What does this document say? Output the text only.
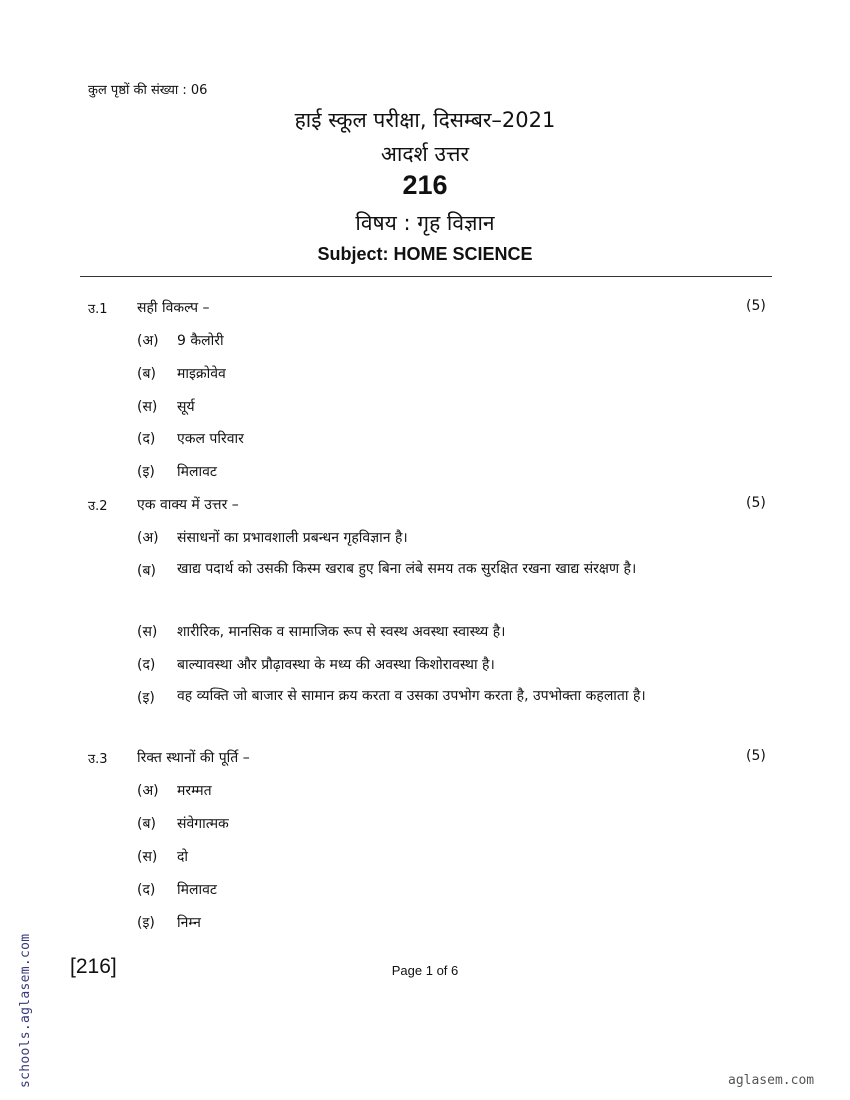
कुल पृष्ठों की संख्या : 06
हाई स्कूल परीक्षा, दिसम्बर–2021
आदर्श उत्तर
216
विषय : गृह विज्ञान
Subject: HOME SCIENCE
उ.1 सही विकल्प –	(5)
(अ) 9 कैलोरी
(ब) माइक्रोवेव
(स) सूर्य
(द) एकल परिवार
(इ) मिलावट
उ.2 एक वाक्य में उत्तर –	(5)
(अ) संसाधनों का प्रभावशाली प्रबन्धन गृहविज्ञान है।
(ब) खाद्य पदार्थ को उसकी किस्म खराब हुए बिना लंबे समय तक सुरक्षित रखना खाद्य संरक्षण है।
(स) शारीरिक, मानसिक व सामाजिक रूप से स्वस्थ अवस्था स्वास्थ्य है।
(द) बाल्यावस्था और प्रौढ़ावस्था के मध्य की अवस्था किशोरावस्था है।
(इ) वह व्यक्ति जो बाजार से सामान क्रय करता व उसका उपभोग करता है, उपभोक्ता कहलाता है।
उ.3 रिक्त स्थानों की पूर्ति –	(5)
(अ) मरम्मत
(ब) संवेगात्मक
(स) दो
(द) मिलावट
(इ) निम्न
[216]	Page 1 of 6
schools.aglasem.com	aglasem.com
